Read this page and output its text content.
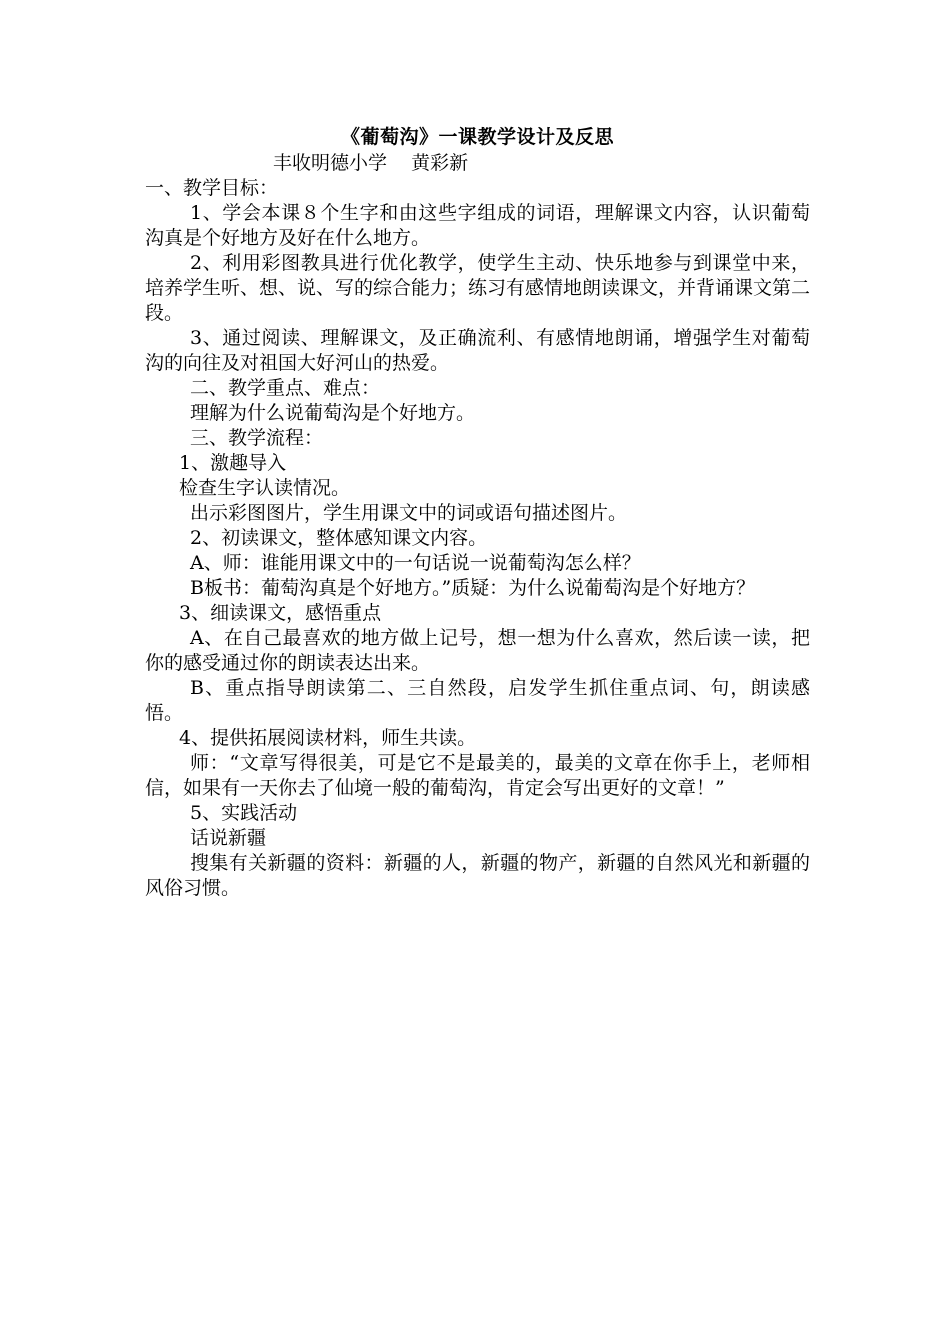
《葡萄沟》一课教学设计及反思
丰收明德小学    黄彩新
一、教学目标：
1、学会本课８个生字和由这些字组成的词语，理解课文内容，认识葡萄沟真是个好地方及好在什么地方。
2、利用彩图教具进行优化教学，使学生主动、快乐地参与到课堂中来，培养学生听、想、说、写的综合能力；练习有感情地朗读课文，并背诵课文第二段。
3、通过阅读、理解课文，及正确流利、有感情地朗诵，增强学生对葡萄沟的向往及对祖国大好河山的热爱。
二、教学重点、难点：
理解为什么说葡萄沟是个好地方。
三、教学流程：
1、激趣导入
检查生字认读情况。
出示彩图图片，学生用课文中的词或语句描述图片。
2、初读课文，整体感知课文内容。
A、师：谁能用课文中的一句话说一说葡萄沟怎么样？
B板书：葡萄沟真是个好地方。”质疑：为什么说葡萄沟是个好地方？
3、细读课文，感悟重点
A、在自己最喜欢的地方做上记号，想一想为什么喜欢，然后读一读，把你的感受通过你的朗读表达出来。
B、重点指导朗读第二、三自然段，启发学生抓住重点词、句，朗读感悟。
4、提供拓展阅读材料，师生共读。
师：“文章写得很美，可是它不是最美的，最美的文章在你手上，老师相信，如果有一天你去了仙境一般的葡萄沟，肯定会写出更好的文章！”
5、实践活动
话说新疆
搜集有关新疆的资料：新疆的人，新疆的物产，新疆的自然风光和新疆的风俗习惯。
